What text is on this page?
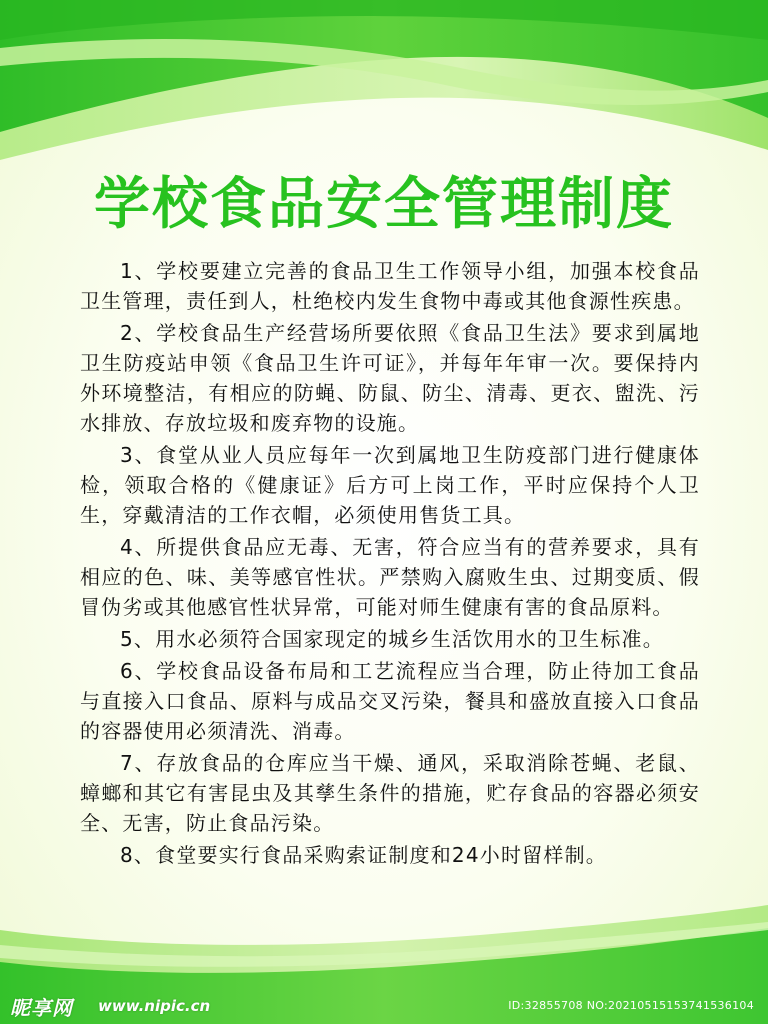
学校食品安全管理制度

1、学校要建立完善的食品卫生工作领导小组，加强本校食品卫生管理，责任到人，杜绝校内发生食物中毒或其他食源性疾患。

2、学校食品生产经营场所要依照《食品卫生法》要求到属地卫生防疫站申领《食品卫生许可证》，并每年年审一次。要保持内外环境整洁，有相应的防蝇、防鼠、防尘、清毒、更衣、盥洗、污水排放、存放垃圾和废弃物的设施。

3、食堂从业人员应每年一次到属地卫生防疫部门进行健康体检，领取合格的《健康证》后方可上岗工作，平时应保持个人卫生，穿戴清洁的工作衣帽，必须使用售货工具。

4、所提供食品应无毒、无害，符合应当有的营养要求，具有相应的色、味、美等感官性状。严禁购入腐败生虫、过期变质、假冒伪劣或其他感官性状异常，可能对师生健康有害的食品原料。

5、用水必须符合国家现定的城乡生活饮用水的卫生标准。

6、学校食品设备布局和工艺流程应当合理，防止待加工食品与直接入口食品、原料与成品交叉污染，餐具和盛放直接入口食品的容器使用必须清洗、消毒。

7、存放食品的仓库应当干燥、通风，采取消除苍蝇、老鼠、蟑螂和其它有害昆虫及其孳生条件的措施，贮存食品的容器必须安全、无害，防止食品污染。

8、食堂要实行食品采购索证制度和24小时留样制。

昵享网 www.nipic.cn	ID:32855708 NO:20210515153741536104
